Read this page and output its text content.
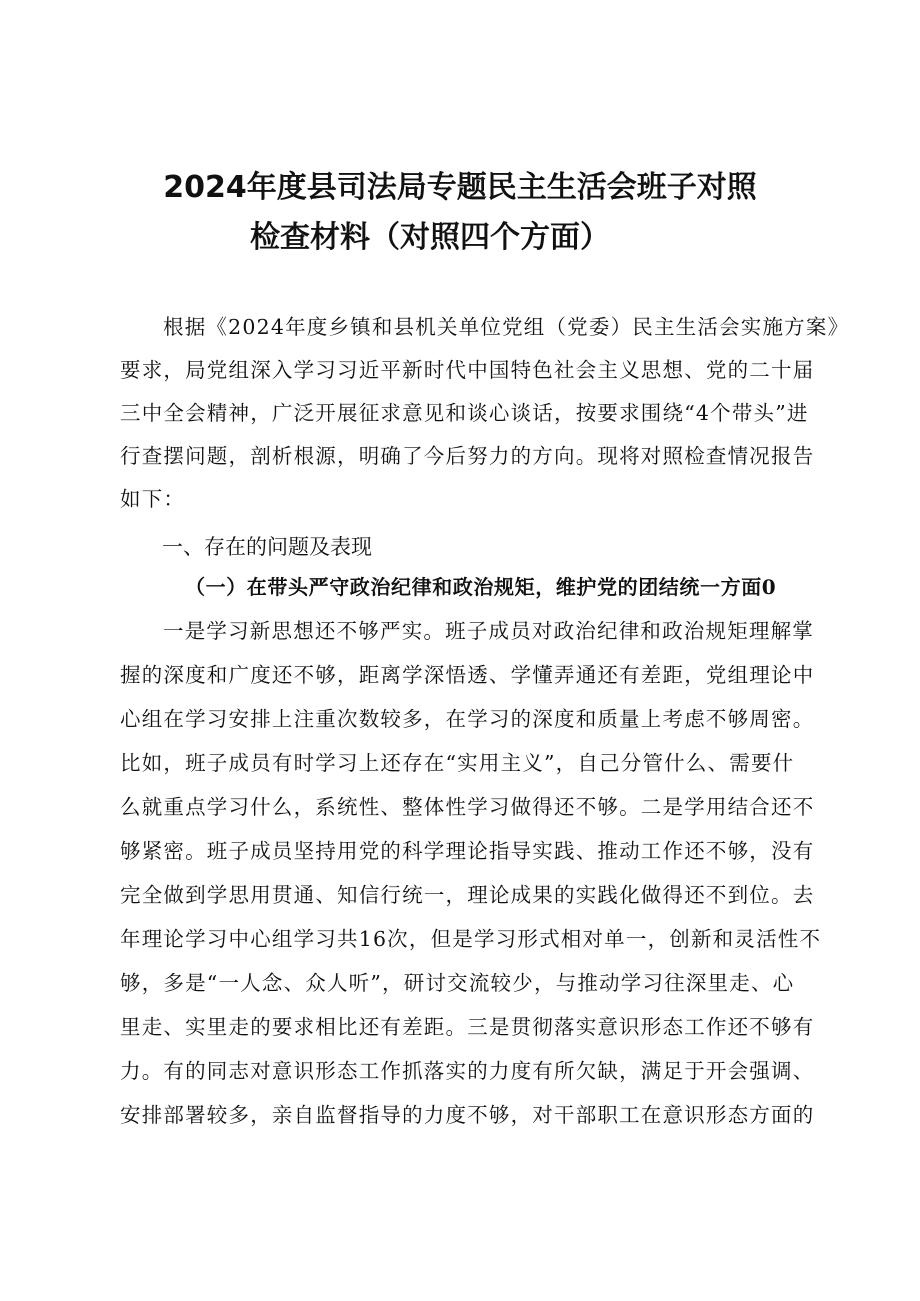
2024年度县司法局专题民主生活会班子对照
检查材料（对照四个方面）
根据《2024年度乡镇和县机关单位党组（党委）民主生活会实施方案》
要求，局党组深入学习习近平新时代中国特色社会主义思想、党的二十届
三中全会精神，广泛开展征求意见和谈心谈话，按要求围绕“4个带头”进
行查摆问题，剖析根源，明确了今后努力的方向。现将对照检查情况报告
如下：
一、存在的问题及表现
（一）在带头严守政治纪律和政治规矩，维护党的团结统一方面0
一是学习新思想还不够严实。班子成员对政治纪律和政治规矩理解掌
握的深度和广度还不够，距离学深悟透、学懂弄通还有差距，党组理论中
心组在学习安排上注重次数较多，在学习的深度和质量上考虑不够周密。
比如，班子成员有时学习上还存在“实用主义”，自己分管什么、需要什
么就重点学习什么，系统性、整体性学习做得还不够。二是学用结合还不
够紧密。班子成员坚持用党的科学理论指导实践、推动工作还不够，没有
完全做到学思用贯通、知信行统一，理论成果的实践化做得还不到位。去
年理论学习中心组学习共16次，但是学习形式相对单一，创新和灵活性不
够，多是“一人念、众人听”，研讨交流较少，与推动学习往深里走、心
里走、实里走的要求相比还有差距。三是贯彻落实意识形态工作还不够有
力。有的同志对意识形态工作抓落实的力度有所欠缺，满足于开会强调、
安排部署较多，亲自监督指导的力度不够，对干部职工在意识形态方面的
